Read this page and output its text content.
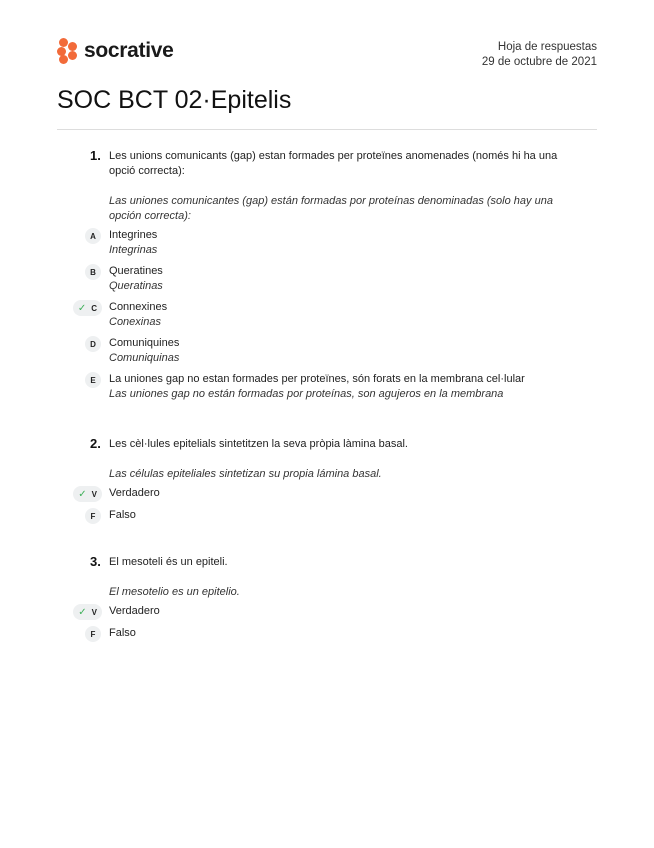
socrative	Hoja de respuestas
29 de octubre de 2021
SOC BCT 02·Epitelis
1. Les unions comunicants (gap) estan formades per proteïnes anomenades (només hi ha una opció correcta):
Las uniones comunicantes (gap) están formadas por proteínas denominadas (solo hay una opción correcta):
A Integrines
Integrinas
B Queratines
Queratinas
✓ C Connexines
Conexinas
D Comuniquines
Comuniquinas
E La uniones gap no estan formades per proteïnes, són forats en la membrana cel·lular
Las uniones gap no están formadas por proteínas, son agujeros en la membrana
2. Les cèl·lules epitelials sintetitzen la seva pròpia làmina basal.
Las células epiteliales sintetizan su propia lámina basal.
✓ V Verdadero
F Falso
3. El mesoteli és un epiteli.
El mesotelio es un epitelio.
✓ V Verdadero
F Falso
